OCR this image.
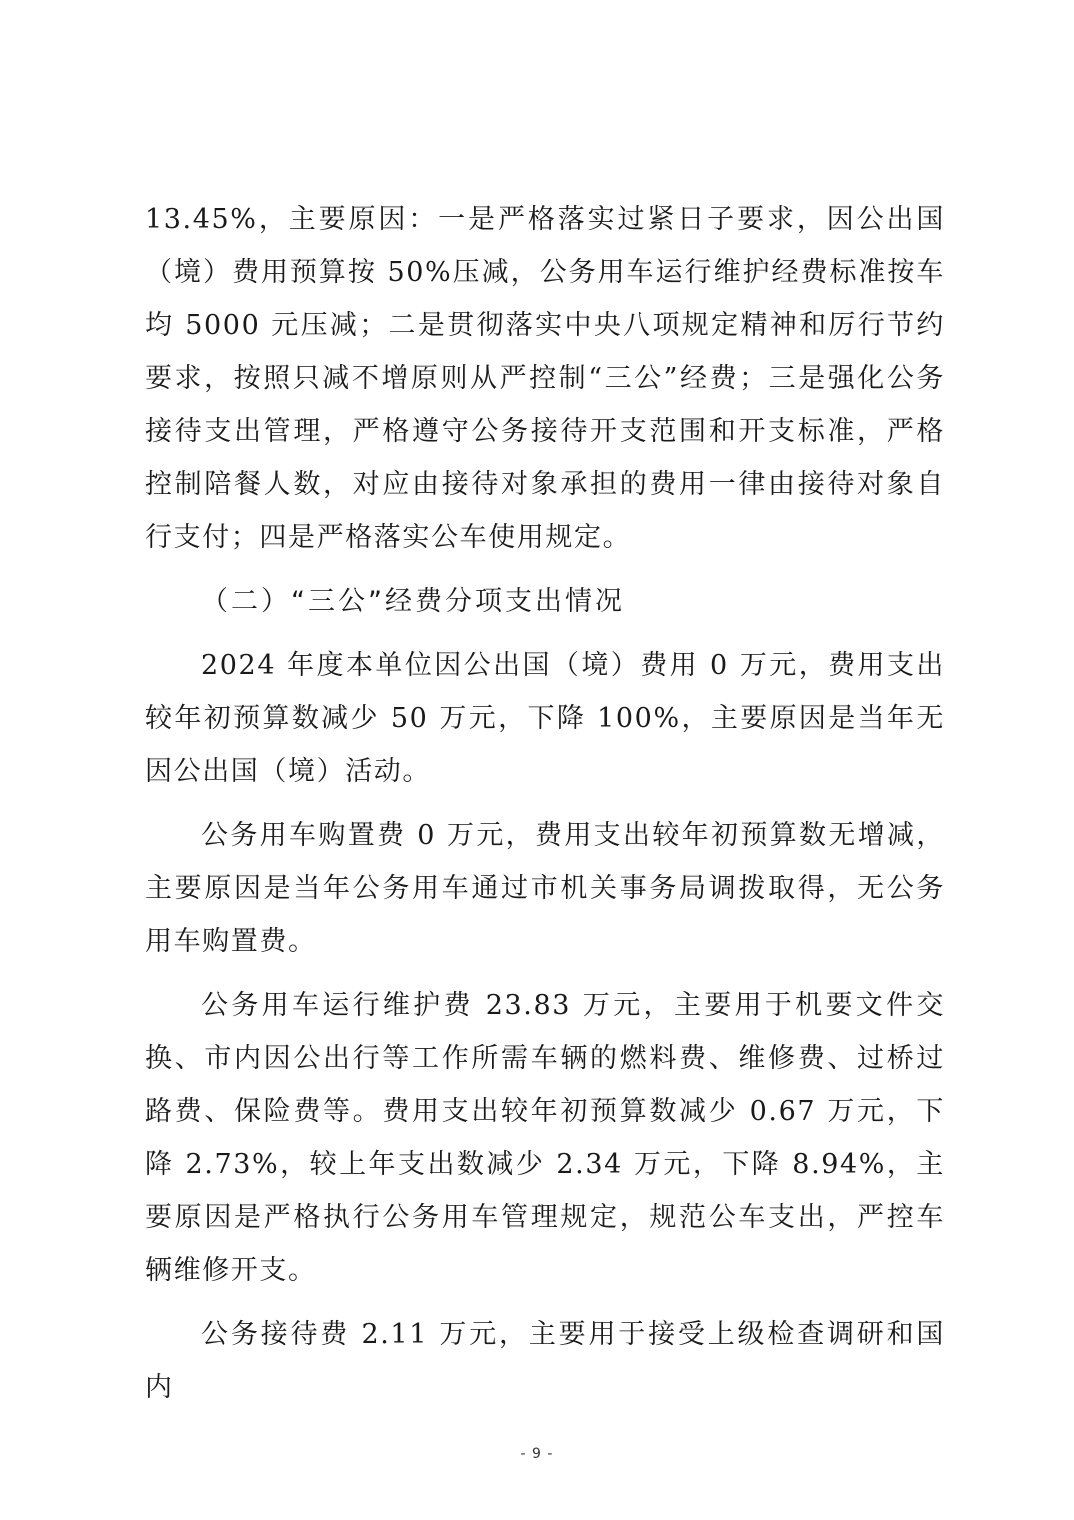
13.45%，主要原因：一是严格落实过紧日子要求，因公出国（境）费用预算按 50%压减，公务用车运行维护经费标准按车均 5000 元压减；二是贯彻落实中央八项规定精神和厉行节约要求，按照只减不增原则从严控制“三公”经费；三是强化公务接待支出管理，严格遵守公务接待开支范围和开支标准，严格控制陪餐人数，对应由接待对象承担的费用一律由接待对象自行支付；四是严格落实公车使用规定。

（二）“三公”经费分项支出情况

2024 年度本单位因公出国（境）费用 0 万元，费用支出较年初预算数减少 50 万元，下降 100%，主要原因是当年无因公出国（境）活动。

公务用车购置费 0 万元，费用支出较年初预算数无增减，主要原因是当年公务用车通过市机关事务局调拨取得，无公务用车购置费。

公务用车运行维护费 23.83 万元，主要用于机要文件交换、市内因公出行等工作所需车辆的燃料费、维修费、过桥过路费、保险费等。费用支出较年初预算数减少 0.67 万元，下降 2.73%，较上年支出数减少 2.34 万元，下降 8.94%，主要原因是严格执行公务用车管理规定，规范公车支出，严控车辆维修开支。

公务接待费 2.11 万元，主要用于接受上级检查调研和国内

- 9 -
